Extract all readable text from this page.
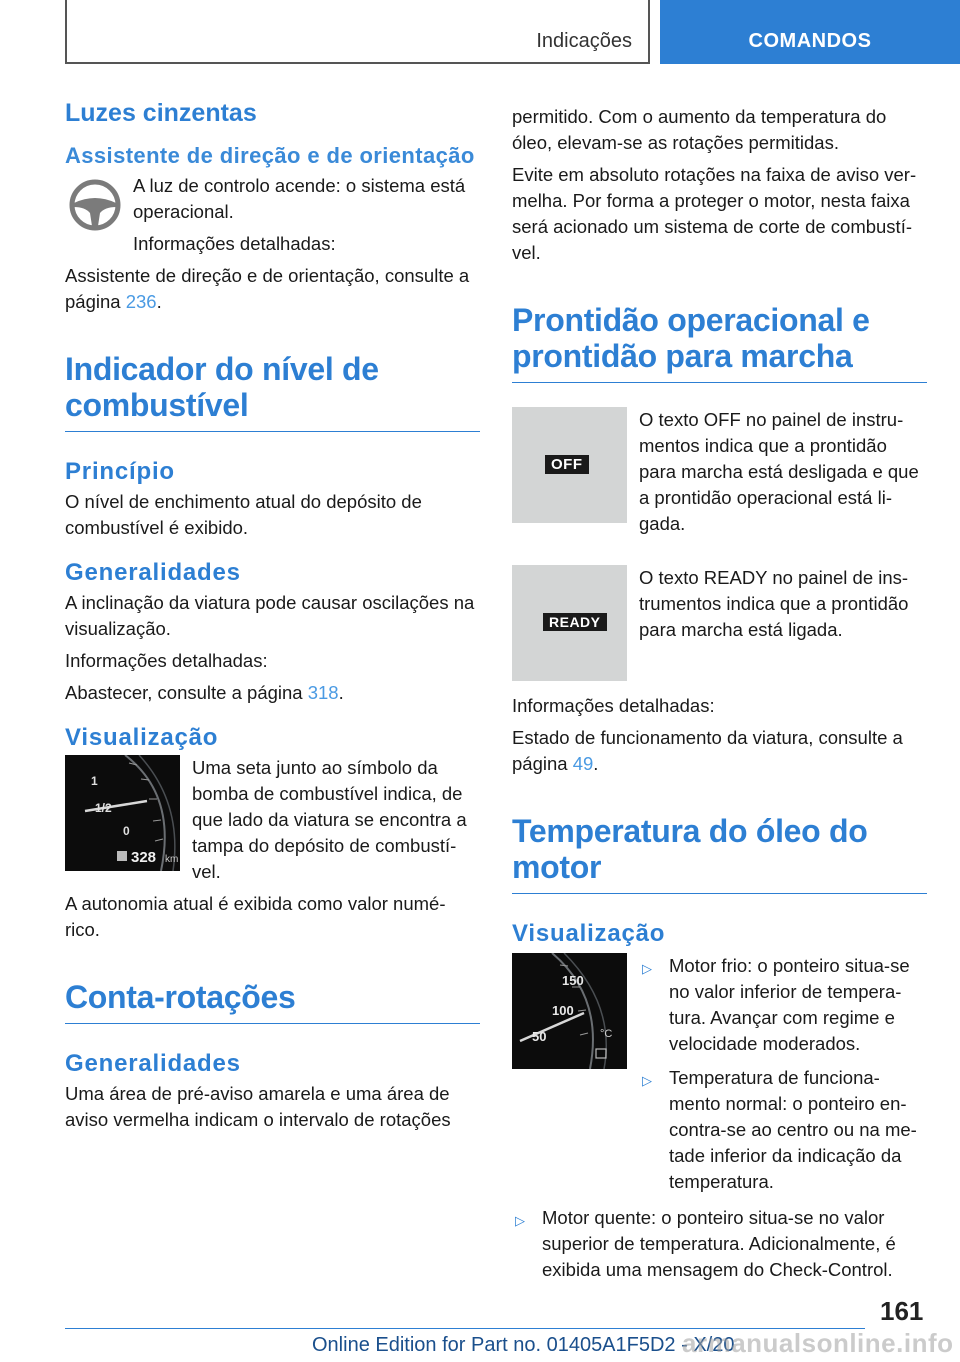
Indicações	COMANDOS
Luzes cinzentas
Assistente de direção e de orientação

A luz de controlo acende: o sistema está operacional.

Informações detalhadas:

Assistente de direção e de orientação, consulte a página 236.

Indicador do nível de combustível
Princípio

O nível de enchimento atual do depósito de combustível é exibido.

Generalidades

A inclinação da viatura pode causar oscilações na visualização.

Informações detalhadas:

Abastecer, consulte a página 318.

Visualização
1
1/2
0
328 km

Uma seta junto ao símbolo da bomba de combustível indica, de que lado da viatura se encontra a tampa do depósito de combustí‐vel.

A autonomia atual é exibida como valor numé‐rico.

Conta-rotações
Generalidades

Uma área de pré-aviso amarela e uma área de aviso vermelha indicam o intervalo de rotações

permitido. Com o aumento da temperatura do óleo, elevam-se as rotações permitidas.

Evite em absoluto rotações na faixa de aviso ver‐melha. Por forma a proteger o motor, nesta faixa será acionado um sistema de corte de combustí‐vel.

Prontidão operacional e prontidão para marcha
OFF

O texto OFF no painel de instru‐mentos indica que a prontidão para marcha está desligada e que a prontidão operacional está li‐gada.

READY

O texto READY no painel de ins‐trumentos indica que a prontidão para marcha está ligada.

Informações detalhadas:

Estado de funcionamento da viatura, consulte a página 49.

Temperatura do óleo do motor
Visualização
150
100
50	°C
▷ Motor frio: o ponteiro situa-se no valor inferior de tempera‐tura. Avançar com regime e velocidade moderados.
▷ Temperatura de funciona‐mento normal: o ponteiro en‐contra-se ao centro ou na me‐tade inferior da indicação da temperatura.
▷ Motor quente: o ponteiro situa-se no valor superior de temperatura. Adicionalmente, é exibida uma mensagem do Check-Control.
161
Online Edition for Part no. 01405A1F5D2 - X/20
armanualsonline.info
